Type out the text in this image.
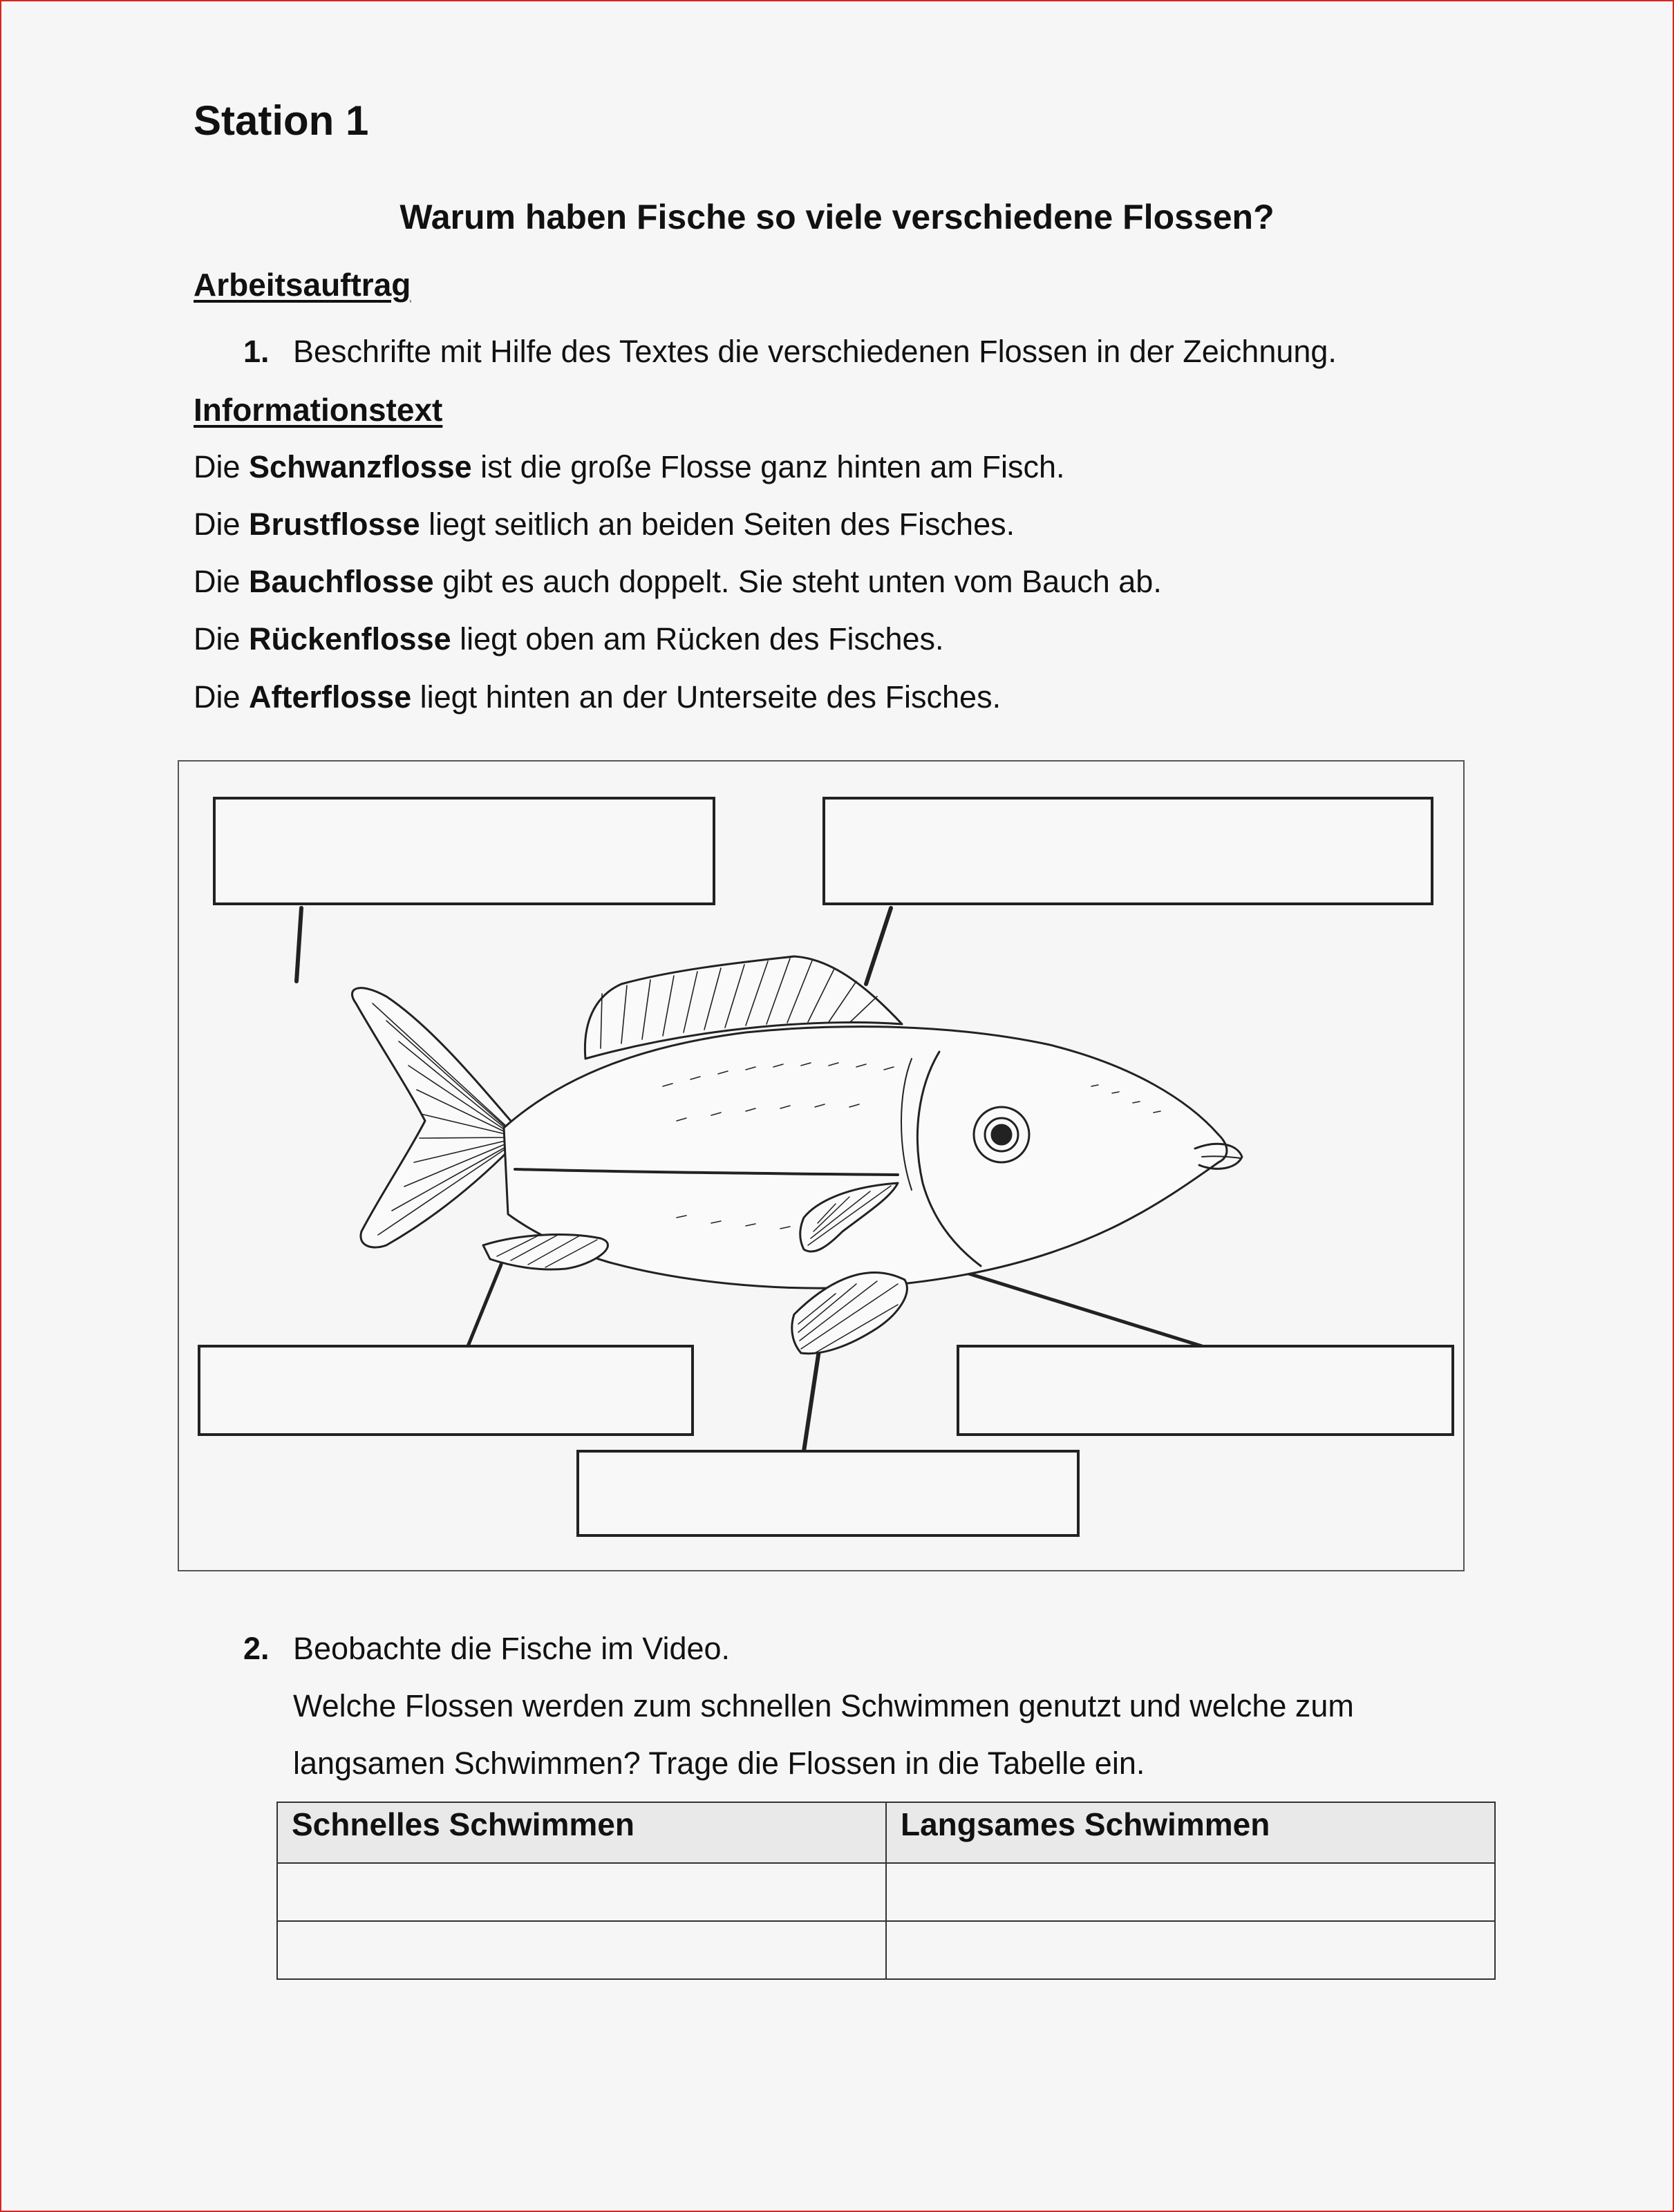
Station 1
Warum haben Fische so viele verschiedene Flossen?
Arbeitsauftrag
1. Beschrifte mit Hilfe des Textes die verschiedenen Flossen in der Zeichnung.
Informationstext
Die Schwanzflosse ist die große Flosse ganz hinten am Fisch.
Die Brustflosse liegt seitlich an beiden Seiten des Fisches.
Die Bauchflosse gibt es auch doppelt. Sie steht unten vom Bauch ab.
Die Rückenflosse liegt oben am Rücken des Fisches.
Die Afterflosse liegt hinten an der Unterseite des Fisches.
2. Beobachte die Fische im Video.
Welche Flossen werden zum schnellen Schwimmen genutzt und welche zum
langsamen Schwimmen? Trage die Flossen in die Tabelle ein.
Schnelles Schwimmen	Langsames Schwimmen
